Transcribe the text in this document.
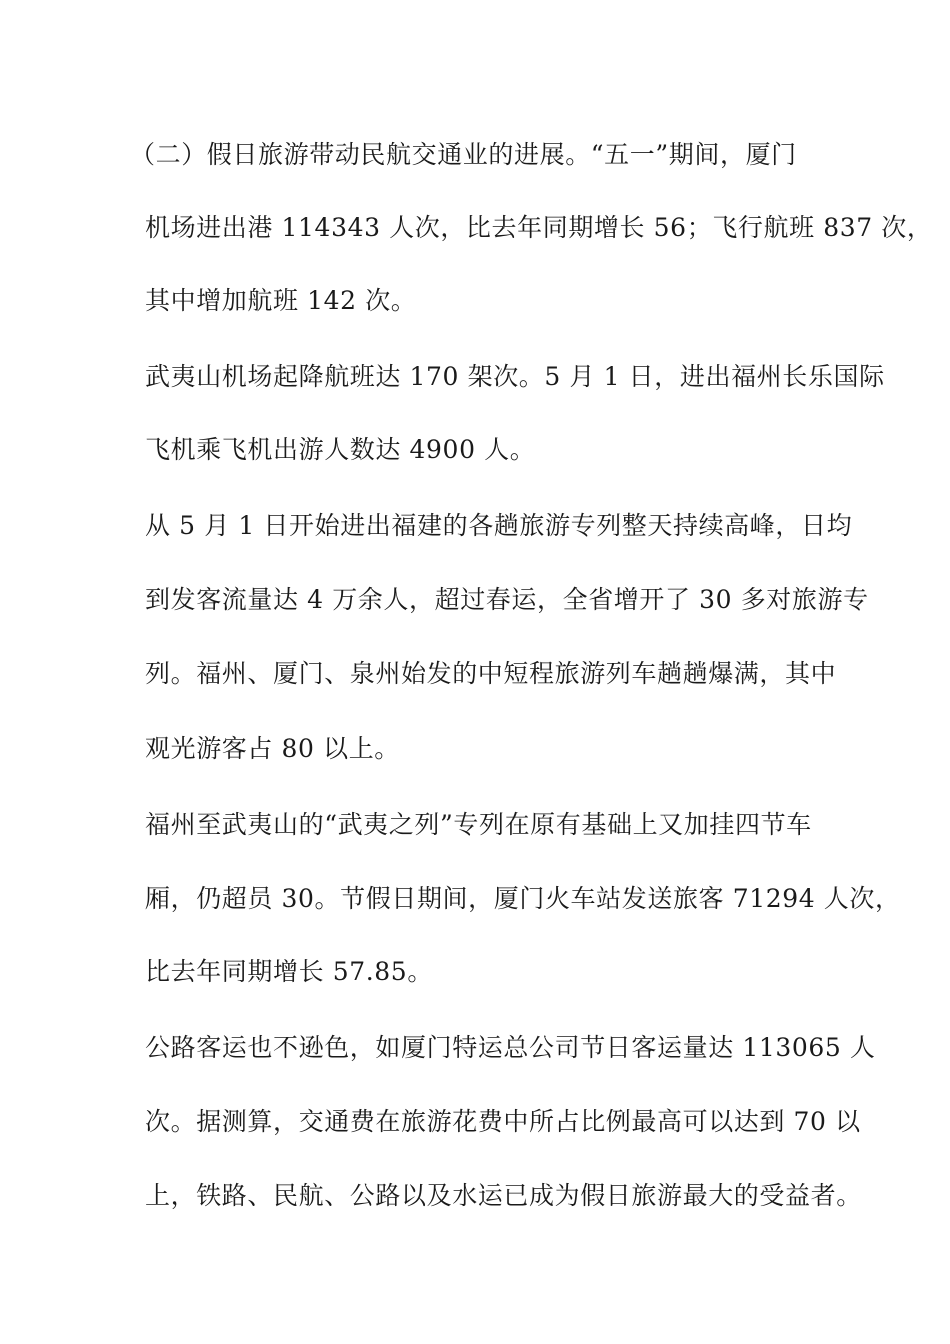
（二）假日旅游带动民航交通业的进展。“五一”期间，厦门
机场进出港 114343 人次，比去年同期增长 56；飞行航班 837 次，
其中增加航班 142 次。
武夷山机场起降航班达 170 架次。5 月 1 日，进出福州长乐国际
飞机乘飞机出游人数达 4900 人。
从 5 月 1 日开始进出福建的各趟旅游专列整天持续高峰，日均
到发客流量达 4 万余人，超过春运，全省增开了 30 多对旅游专
列。福州、厦门、泉州始发的中短程旅游列车趟趟爆满，其中
观光游客占 80 以上。
福州至武夷山的“武夷之列”专列在原有基础上又加挂四节车
厢，仍超员 30。节假日期间，厦门火车站发送旅客 71294 人次，
比去年同期增长 57.85。
公路客运也不逊色，如厦门特运总公司节日客运量达 113065 人
次。据测算，交通费在旅游花费中所占比例最高可以达到 70 以
上，铁路、民航、公路以及水运已成为假日旅游最大的受益者。
